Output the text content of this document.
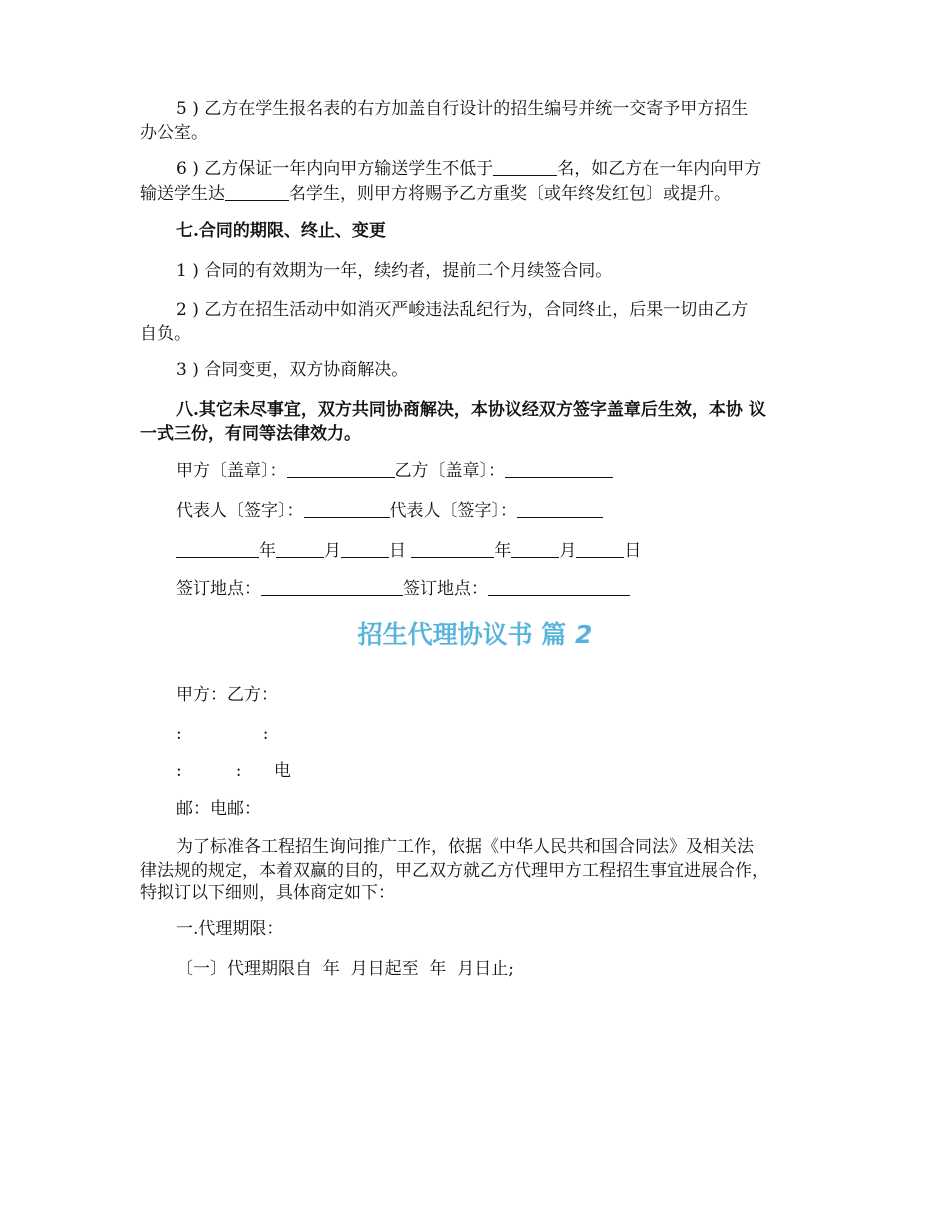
5 ) 乙方在学生报名表的右方加盖自行设计的招生编号并统一交寄予甲方招生
办公室。
6 ) 乙方保证一年内向甲方输送学生不低于	名，如乙方在一年内向甲方
输送学生达	名学生，则甲方将赐予乙方重奖〔或年终发红包〕或提升。
七.合同的期限、终止、变更
1 ) 合同的有效期为一年，续约者，提前二个月续签合同。
2 ) 乙方在招生活动中如消灭严峻违法乱纪行为，合同终止，后果一切由乙方
自负。
3 ) 合同变更，双方协商解决。
八.其它未尽事宜，双方共同协商解决，本协议经双方签字盖章后生效，本协 议
一式三份，有同等法律效力。
甲方〔盖章〕：	乙方〔盖章〕：
代表人〔签字〕：	代表人〔签字〕：
年	月	日	年	月	日
签订地点：	签订地点：
招生代理协议书 篇 2
甲方：乙方：
:               :
:          :      电
邮：电邮：
为了标准各工程招生询问推广工作，依据《中华人民共和国合同法》及相关法
律法规的规定，本着双赢的目的，甲乙双方就乙方代理甲方工程招生事宜进展合作，
特拟订以下细则，具体商定如下：
一.代理期限：
〔一〕代理期限自  年  月日起至  年  月日止;
